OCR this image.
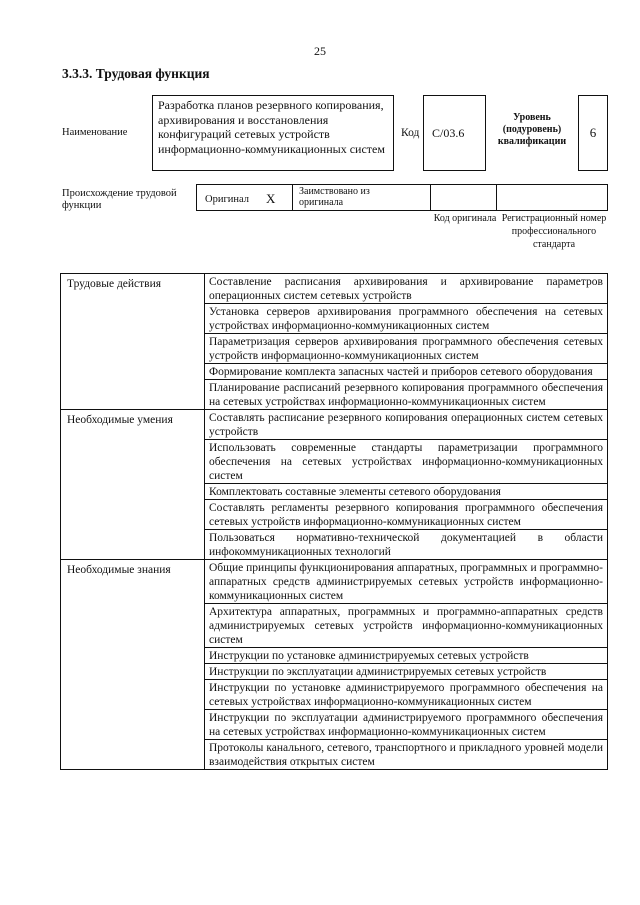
25
3.3.3. Трудовая функция
Наименование
Разработка планов резервного копирования, архивирования и восстановления конфигураций сетевых устройств информационно-коммуникационных систем
Код	C/03.6
Уровень (подуровень) квалификации
6
Происхождение трудовой функции
Оригинал X Заимствовано из оригинала
Код оригинала Регистрационный номер профессионального стандарта
Трудовые действия	Составление расписания архивирования и архивирование параметров операционных систем сетевых устройств
	Установка серверов архивирования программного обеспечения на сетевых устройствах информационно-коммуникационных систем
	Параметризация серверов архивирования программного обеспечения сетевых устройств информационно-коммуникационных систем
	Формирование комплекта запасных частей и приборов сетевого оборудования
	Планирование расписаний резервного копирования программного обеспечения на сетевых устройствах информационно-коммуникационных систем
Необходимые умения	Составлять расписание резервного копирования операционных систем сетевых устройств
	Использовать современные стандарты параметризации программного обеспечения на сетевых устройствах информационно-коммуникационных систем
	Комплектовать составные элементы сетевого оборудования
	Составлять регламенты резервного копирования программного обеспечения сетевых устройств информационно-коммуникационных систем
	Пользоваться нормативно-технической документацией в области инфокоммуникационных технологий
Необходимые знания	Общие принципы функционирования аппаратных, программных и программно-аппаратных средств администрируемых сетевых устройств информационно-коммуникационных систем
	Архитектура аппаратных, программных и программно-аппаратных средств администрируемых сетевых устройств информационно-коммуникационных систем
	Инструкции по установке администрируемых сетевых устройств
	Инструкции по эксплуатации администрируемых сетевых устройств
	Инструкции по установке администрируемого программного обеспечения на сетевых устройствах информационно-коммуникационных систем
	Инструкции по эксплуатации администрируемого программного обеспечения на сетевых устройствах информационно-коммуникационных систем
	Протоколы канального, сетевого, транспортного и прикладного уровней модели взаимодействия открытых систем
